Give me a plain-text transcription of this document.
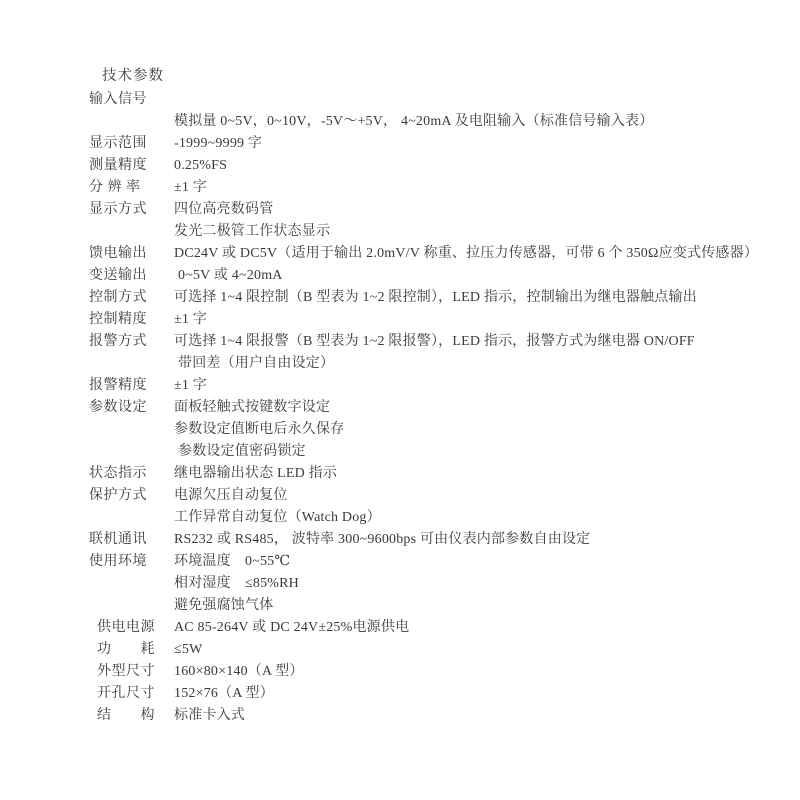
技术参数
输入信号
模拟量 0~5V，0~10V，-5V～+5V， 4~20mA 及电阻输入（标准信号输入表）
显示范围	-1999~9999 字
测量精度	0.25%FS
分 辨 率	±1 字
显示方式	四位高亮数码管
发光二极管工作状态显示
馈电输出	DC24V 或 DC5V（适用于输出 2.0mV/V 称重、拉压力传感器，可带 6 个 350Ω应变式传感器）
变送输出	0~5V 或 4~20mA
控制方式	可选择 1~4 限控制（B 型表为 1~2 限控制），LED 指示，控制输出为继电器触点输出
控制精度	±1 字
报警方式	可选择 1~4 限报警（B 型表为 1~2 限报警），LED 指示，报警方式为继电器 ON/OFF
带回差（用户自由设定）
报警精度	±1 字
参数设定	面板轻触式按键数字设定
参数设定值断电后永久保存
参数设定值密码锁定
状态指示	继电器输出状态 LED 指示
保护方式	电源欠压自动复位
工作异常自动复位（Watch Dog）
联机通讯	RS232 或 RS485， 波特率 300~9600bps 可由仪表内部参数自由设定
使用环境	环境温度　0~55℃
相对湿度　≤85%RH
避免强腐蚀气体
供电电源	AC 85-264V 或 DC 24V±25%电源供电
功　　耗	≤5W
外型尺寸	160×80×140（A 型）
开孔尺寸	152×76（A 型）
结　　构	标准卡入式
